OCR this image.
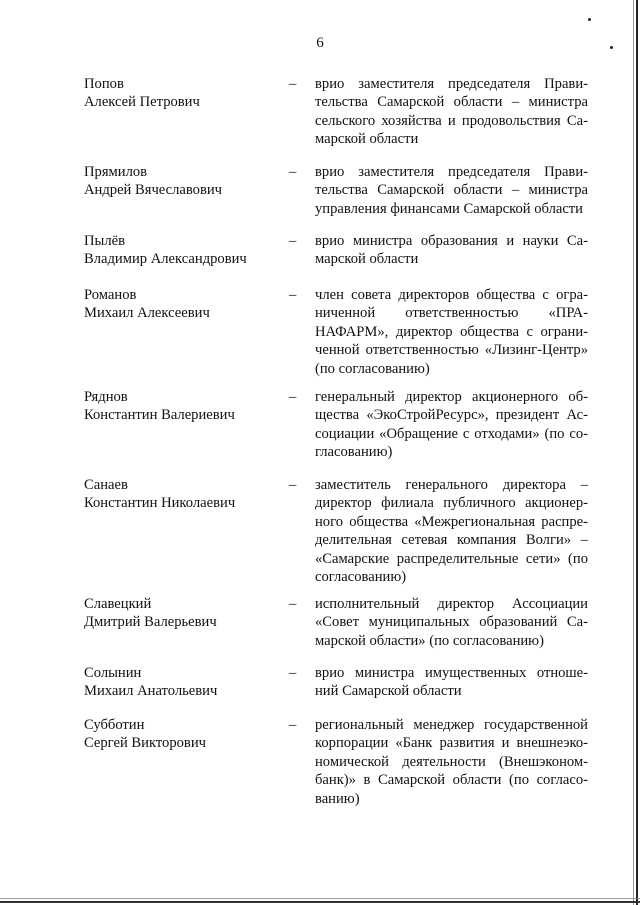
6
Попов
Алексей Петрович
– врио заместителя председателя Прави-
тельства Самарской области – министра
сельского хозяйства и продовольствия Са-
марской области
Прямилов
Андрей Вячеславович
– врио заместителя председателя Прави-
тельства Самарской области – министра
управления финансами Самарской области
Пылёв
Владимир Александрович
– врио министра образования и науки Са-
марской области
Романов
Михаил Алексеевич
– член совета директоров общества с огра-
ниченной ответственностью «ПРА-
НАФАРМ», директор общества с ограни-
ченной ответственностью «Лизинг-Центр»
(по согласованию)
Ряднов
Константин Валериевич
– генеральный директор акционерного об-
щества «ЭкоСтройРесурс», президент Ас-
социации «Обращение с отходами» (по со-
гласованию)
Санаев
Константин Николаевич
– заместитель генерального директора –
директор филиала публичного акционер-
ного общества «Межрегиональная распре-
делительная сетевая компания Волги» –
«Самарские распределительные сети» (по
согласованию)
Славецкий
Дмитрий Валерьевич
– исполнительный директор Ассоциации
«Совет муниципальных образований Са-
марской области» (по согласованию)
Солынин
Михаил Анатольевич
– врио министра имущественных отноше-
ний Самарской области
Субботин
Сергей Викторович
– региональный менеджер государственной
корпорации «Банк развития и внешнеэко-
номической деятельности (Внешэконом-
банк)» в Самарской области (по согласо-
ванию)
